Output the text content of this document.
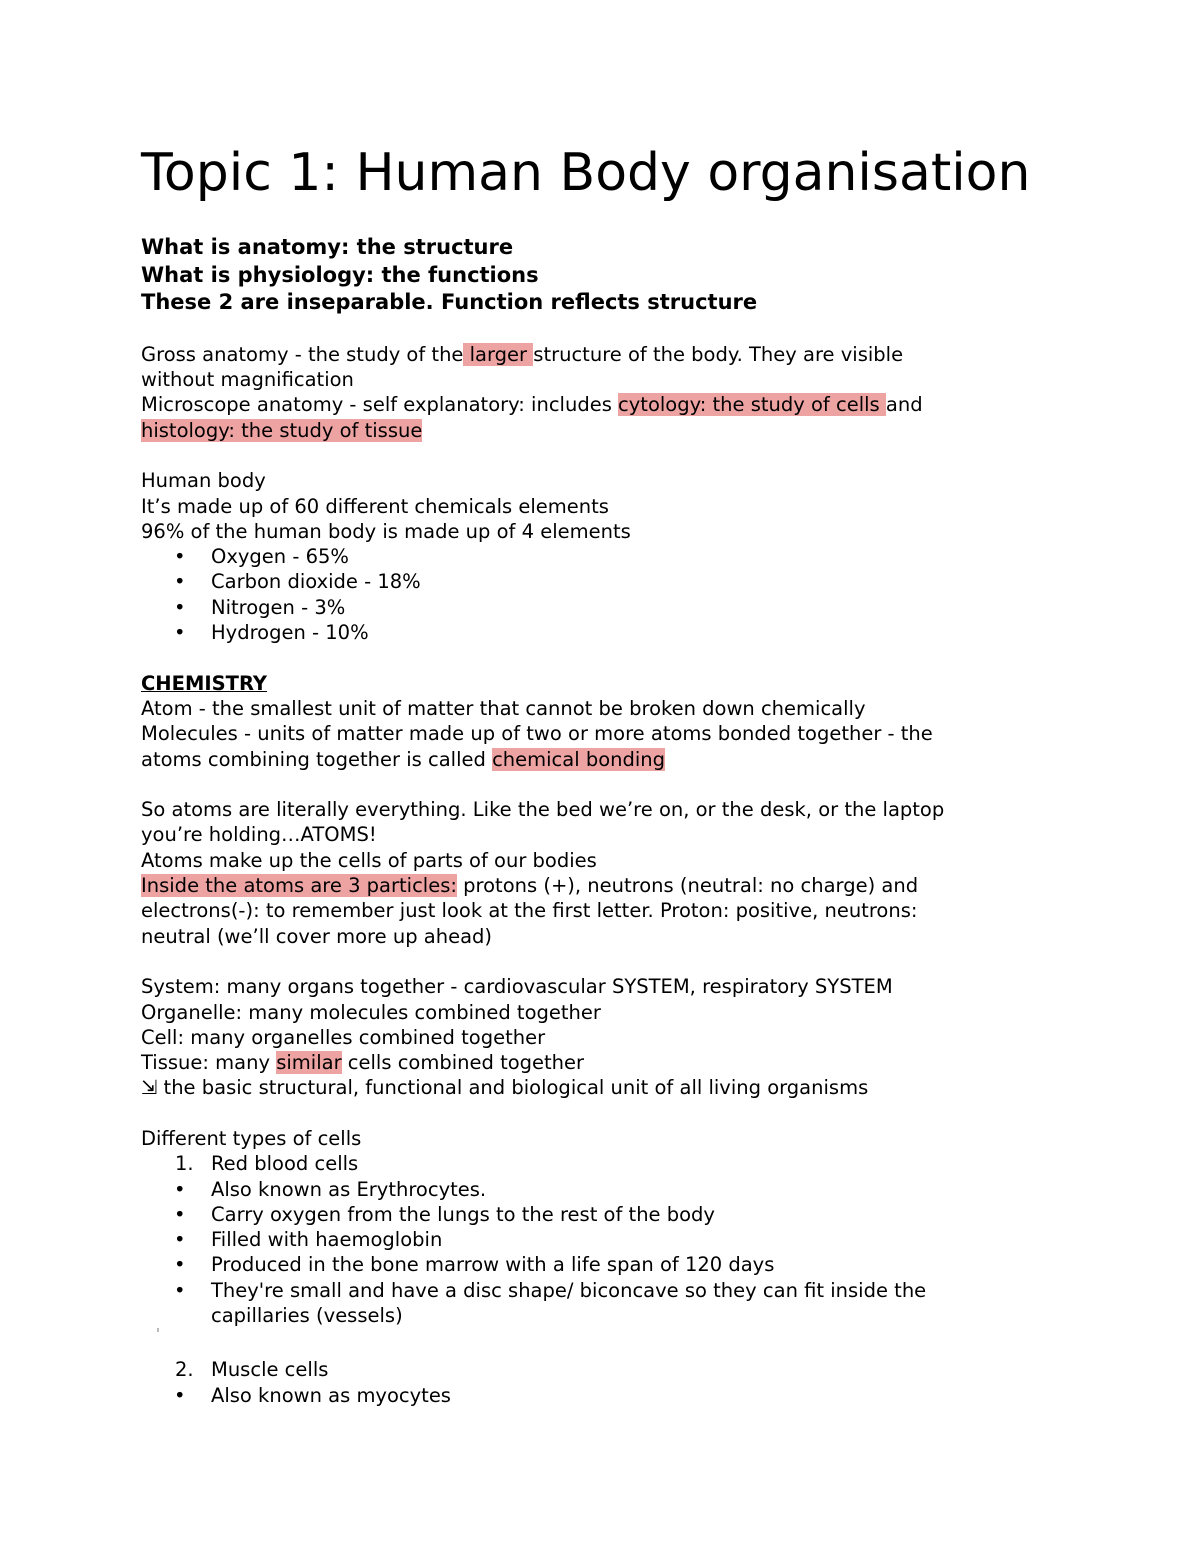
Topic 1: Human Body organisation

What is anatomy: the structure

What is physiology: the functions

These 2 are inseparable. Function reflects structure

Gross anatomy - the study of the larger structure of the body. They are visible

without magnification

Microscope anatomy - self explanatory: includes cytology: the study of cells and

histology: the study of tissue

Human body

It’s made up of 60 different chemicals elements

96% of the human body is made up of 4 elements

• Oxygen - 65%
• Carbon dioxide - 18%
• Nitrogen - 3%
• Hydrogen - 10%

CHEMISTRY

Atom - the smallest unit of matter that cannot be broken down chemically

Molecules - units of matter made up of two or more atoms bonded together - the

atoms combining together is called chemical bonding

So atoms are literally everything. Like the bed we’re on, or the desk, or the laptop

you’re holding…ATOMS!

Atoms make up the cells of parts of our bodies

Inside the atoms are 3 particles: protons (+), neutrons (neutral: no charge) and

electrons(-): to remember just look at the first letter. Proton: positive, neutrons:

neutral (we’ll cover more up ahead)

System: many organs together - cardiovascular SYSTEM, respiratory SYSTEM

Organelle: many molecules combined together

Cell: many organelles combined together

Tissue: many similar cells combined together

⇲ the basic structural, functional and biological unit of all living organisms

Different types of cells

1. Red blood cells
• Also known as Erythrocytes.
• Carry oxygen from the lungs to the rest of the body
• Filled with haemoglobin
• Produced in the bone marrow with a life span of 120 days
• They're small and have a disc shape/ biconcave so they can fit inside the
capillaries (vessels)
2. Muscle cells
• Also known as myocytes
